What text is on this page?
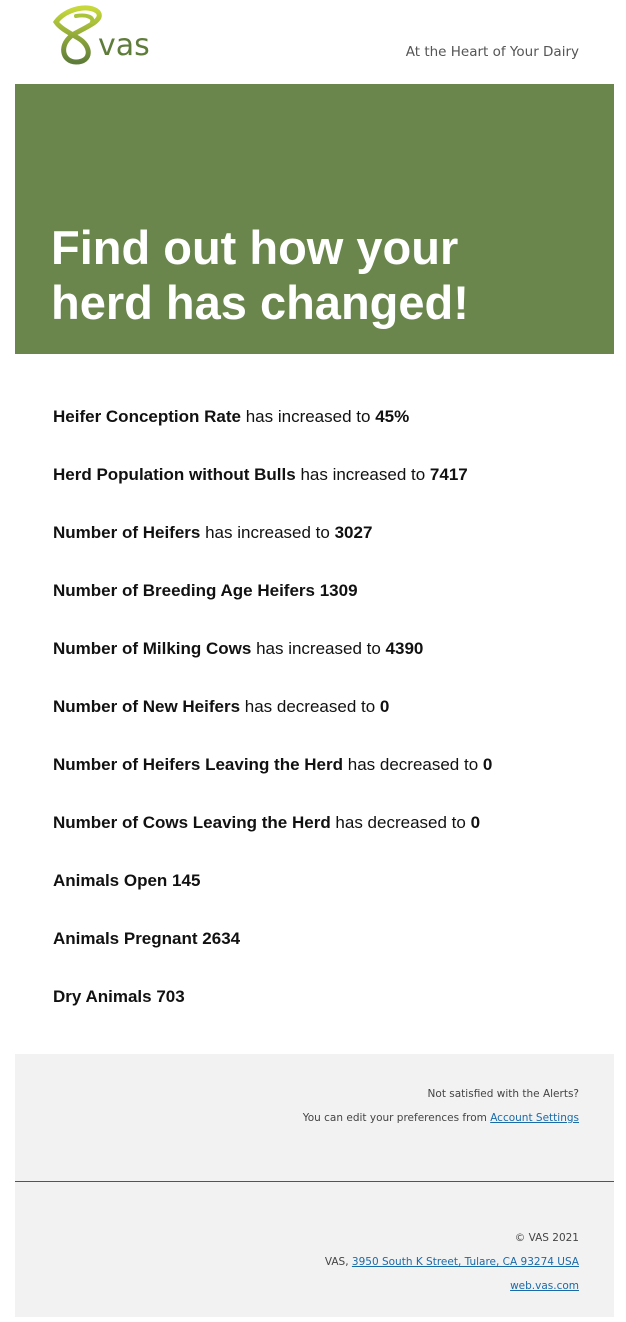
vas	At the Heart of Your Dairy
Find out how your herd has changed!
Heifer Conception Rate has increased to 45%
Herd Population without Bulls has increased to 7417
Number of Heifers has increased to 3027
Number of Breeding Age Heifers 1309
Number of Milking Cows has increased to 4390
Number of New Heifers has decreased to 0
Number of Heifers Leaving the Herd has decreased to 0
Number of Cows Leaving the Herd has decreased to 0
Animals Open 145
Animals Pregnant 2634
Dry Animals 703
Not satisfied with the Alerts?
You can edit your preferences from Account Settings
© VAS 2021
VAS, 3950 South K Street, Tulare, CA 93274 USA
web.vas.com
